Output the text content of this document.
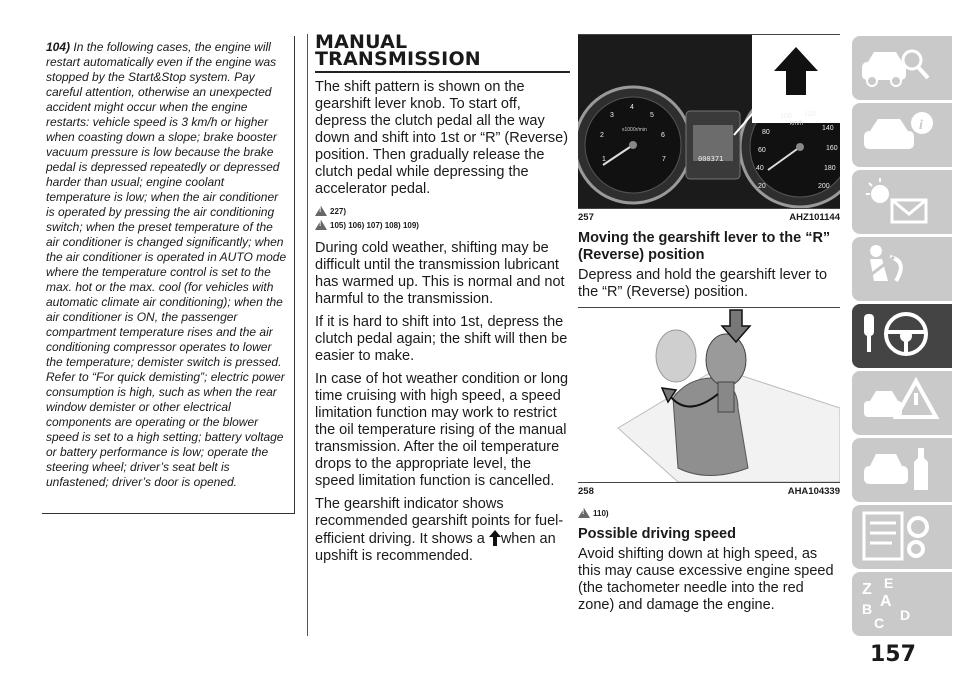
104) In the following cases, the engine will restart automatically even if the engine was stopped by the Start&Stop system. Pay careful attention, otherwise an unexpected accident might occur when the engine restarts: vehicle speed is 3 km/h or higher when coasting down a slope; brake booster vacuum pressure is low because the brake pedal is depressed repeatedly or depressed harder than usual; engine coolant temperature is low; when the air conditioner is operated by pressing the air conditioning switch; when the preset temperature of the air conditioner is changed significantly; when the air conditioner is operated in AUTO mode where the temperature control is set to the max. hot or the max. cool (for vehicles with automatic climate air conditioning); when the air conditioner is ON, the passenger compartment temperature rises and the air conditioning compressor operates to lower the temperature; demister switch is pressed. Refer to “For quick demisting”; electric power consumption is high, such as when the rear window demister or other electrical components are operating or the blower speed is set to a high setting; battery voltage or battery performance is low; operate the steering wheel; driver’s seat belt is unfastened; driver’s door is opened.
MANUAL
TRANSMISSION

The shift pattern is shown on the gearshift lever knob. To start off, depress the clutch pedal all the way down and shift into 1st or “R” (Reverse) position. Then gradually release the clutch pedal while depressing the accelerator pedal.

!
227)
!
105) 106) 107) 108) 109)

During cold weather, shifting may be difficult until the transmission lubricant has warmed up. This is normal and not harmful to the transmission.

If it is hard to shift into 1st, depress the clutch pedal again; the shift will then be easier to make.

In case of hot weather condition or long time cruising with high speed, a speed limitation function may work to restrict the oil temperature rising of the manual transmission. After the oil temperature drops to the appropriate level, the speed limitation function is cancelled.

The gearshift indicator shows recommended gearshift points for fuel-efficient driving. It shows a when an upshift is recommended.

x1000r/min
km/h
000371
1
2
3
4
5
6
7
20
40
60
80
100 120
140
160
180
200
257	AHZ101144
Moving the gearshift lever to the “R” (Reverse) position

Depress and hold the gearshift lever to the “R” (Reverse) position.

258	AHA104339
!
110)
Possible driving speed

Avoid shifting down at high speed, as this may cause excessive engine speed (the tachometer needle into the red zone) and damage the engine.

i
Z E
B A
C D
157
